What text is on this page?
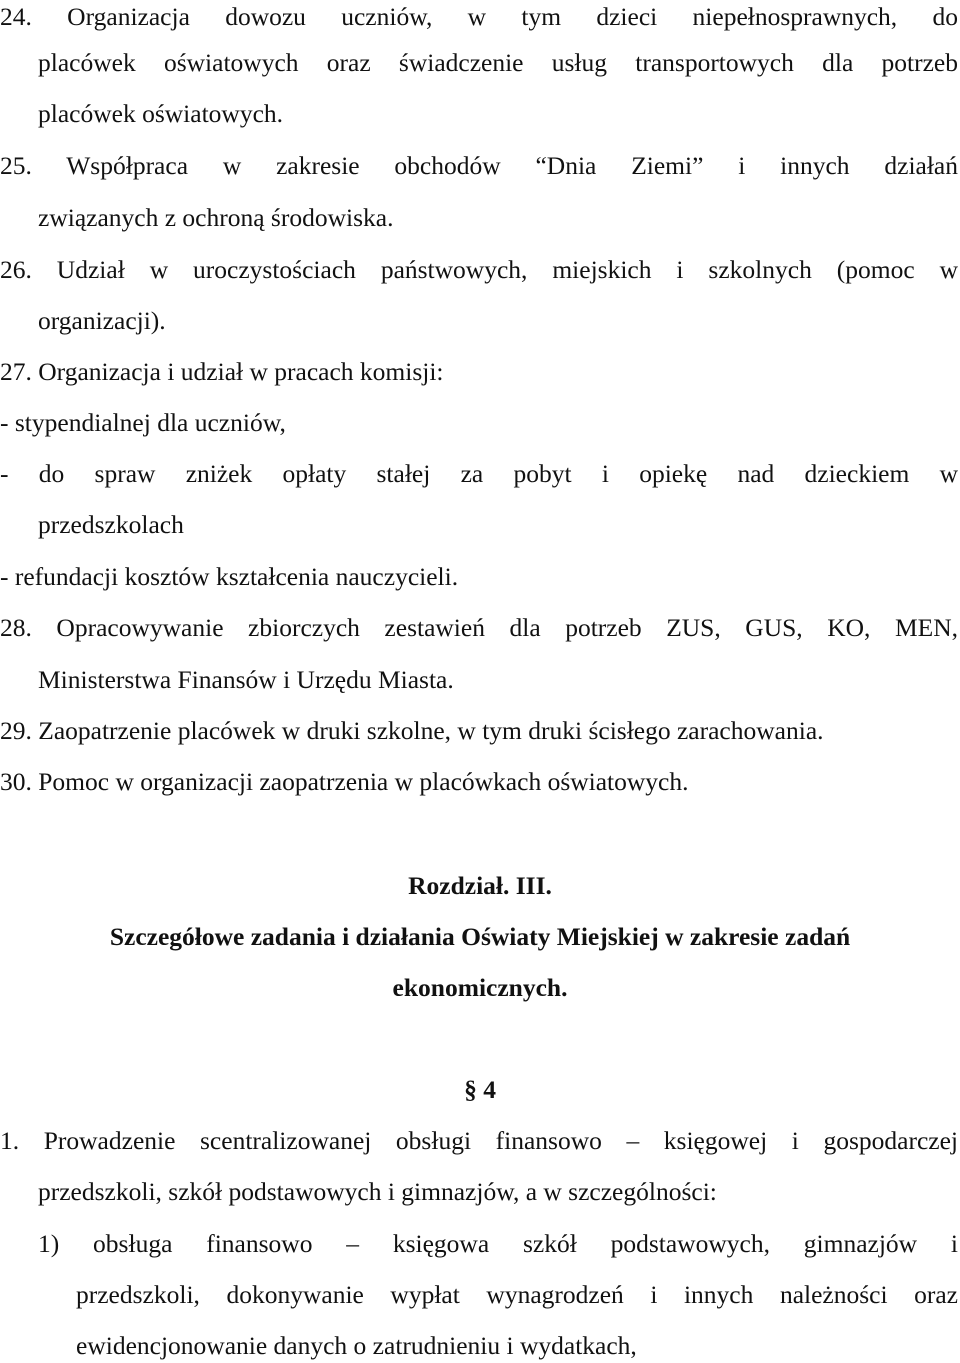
24. Organizacja dowozu uczniów, w tym dzieci niepełnosprawnych, do
placówek oświatowych oraz świadczenie usług transportowych dla potrzeb
placówek oświatowych.
25. Współpraca w zakresie obchodów “Dnia Ziemi” i innych działań
związanych z ochroną środowiska.
26. Udział w uroczystościach państwowych, miejskich i szkolnych (pomoc w
organizacji).
27. Organizacja i udział w pracach komisji:
- stypendialnej dla uczniów,
- do spraw zniżek opłaty stałej za pobyt i opiekę nad dzieckiem w
przedszkolach
- refundacji kosztów kształcenia nauczycieli.
28. Opracowywanie zbiorczych zestawień dla potrzeb ZUS, GUS, KO, MEN,
Ministerstwa Finansów i Urzędu Miasta.
29. Zaopatrzenie placówek w druki szkolne, w tym druki ścisłego zarachowania.
30. Pomoc w organizacji zaopatrzenia w placówkach oświatowych.
Rozdział. III.
Szczegółowe zadania i działania Oświaty Miejskiej w zakresie zadań
ekonomicznych.
§ 4
1. Prowadzenie scentralizowanej obsługi finansowo – księgowej i gospodarczej
przedszkoli, szkół podstawowych i gimnazjów, a w szczególności:
1) obsługa finansowo – księgowa szkół podstawowych, gimnazjów i
przedszkoli, dokonywanie wypłat wynagrodzeń i innych należności oraz
ewidencjonowanie danych o zatrudnieniu i wydatkach,
